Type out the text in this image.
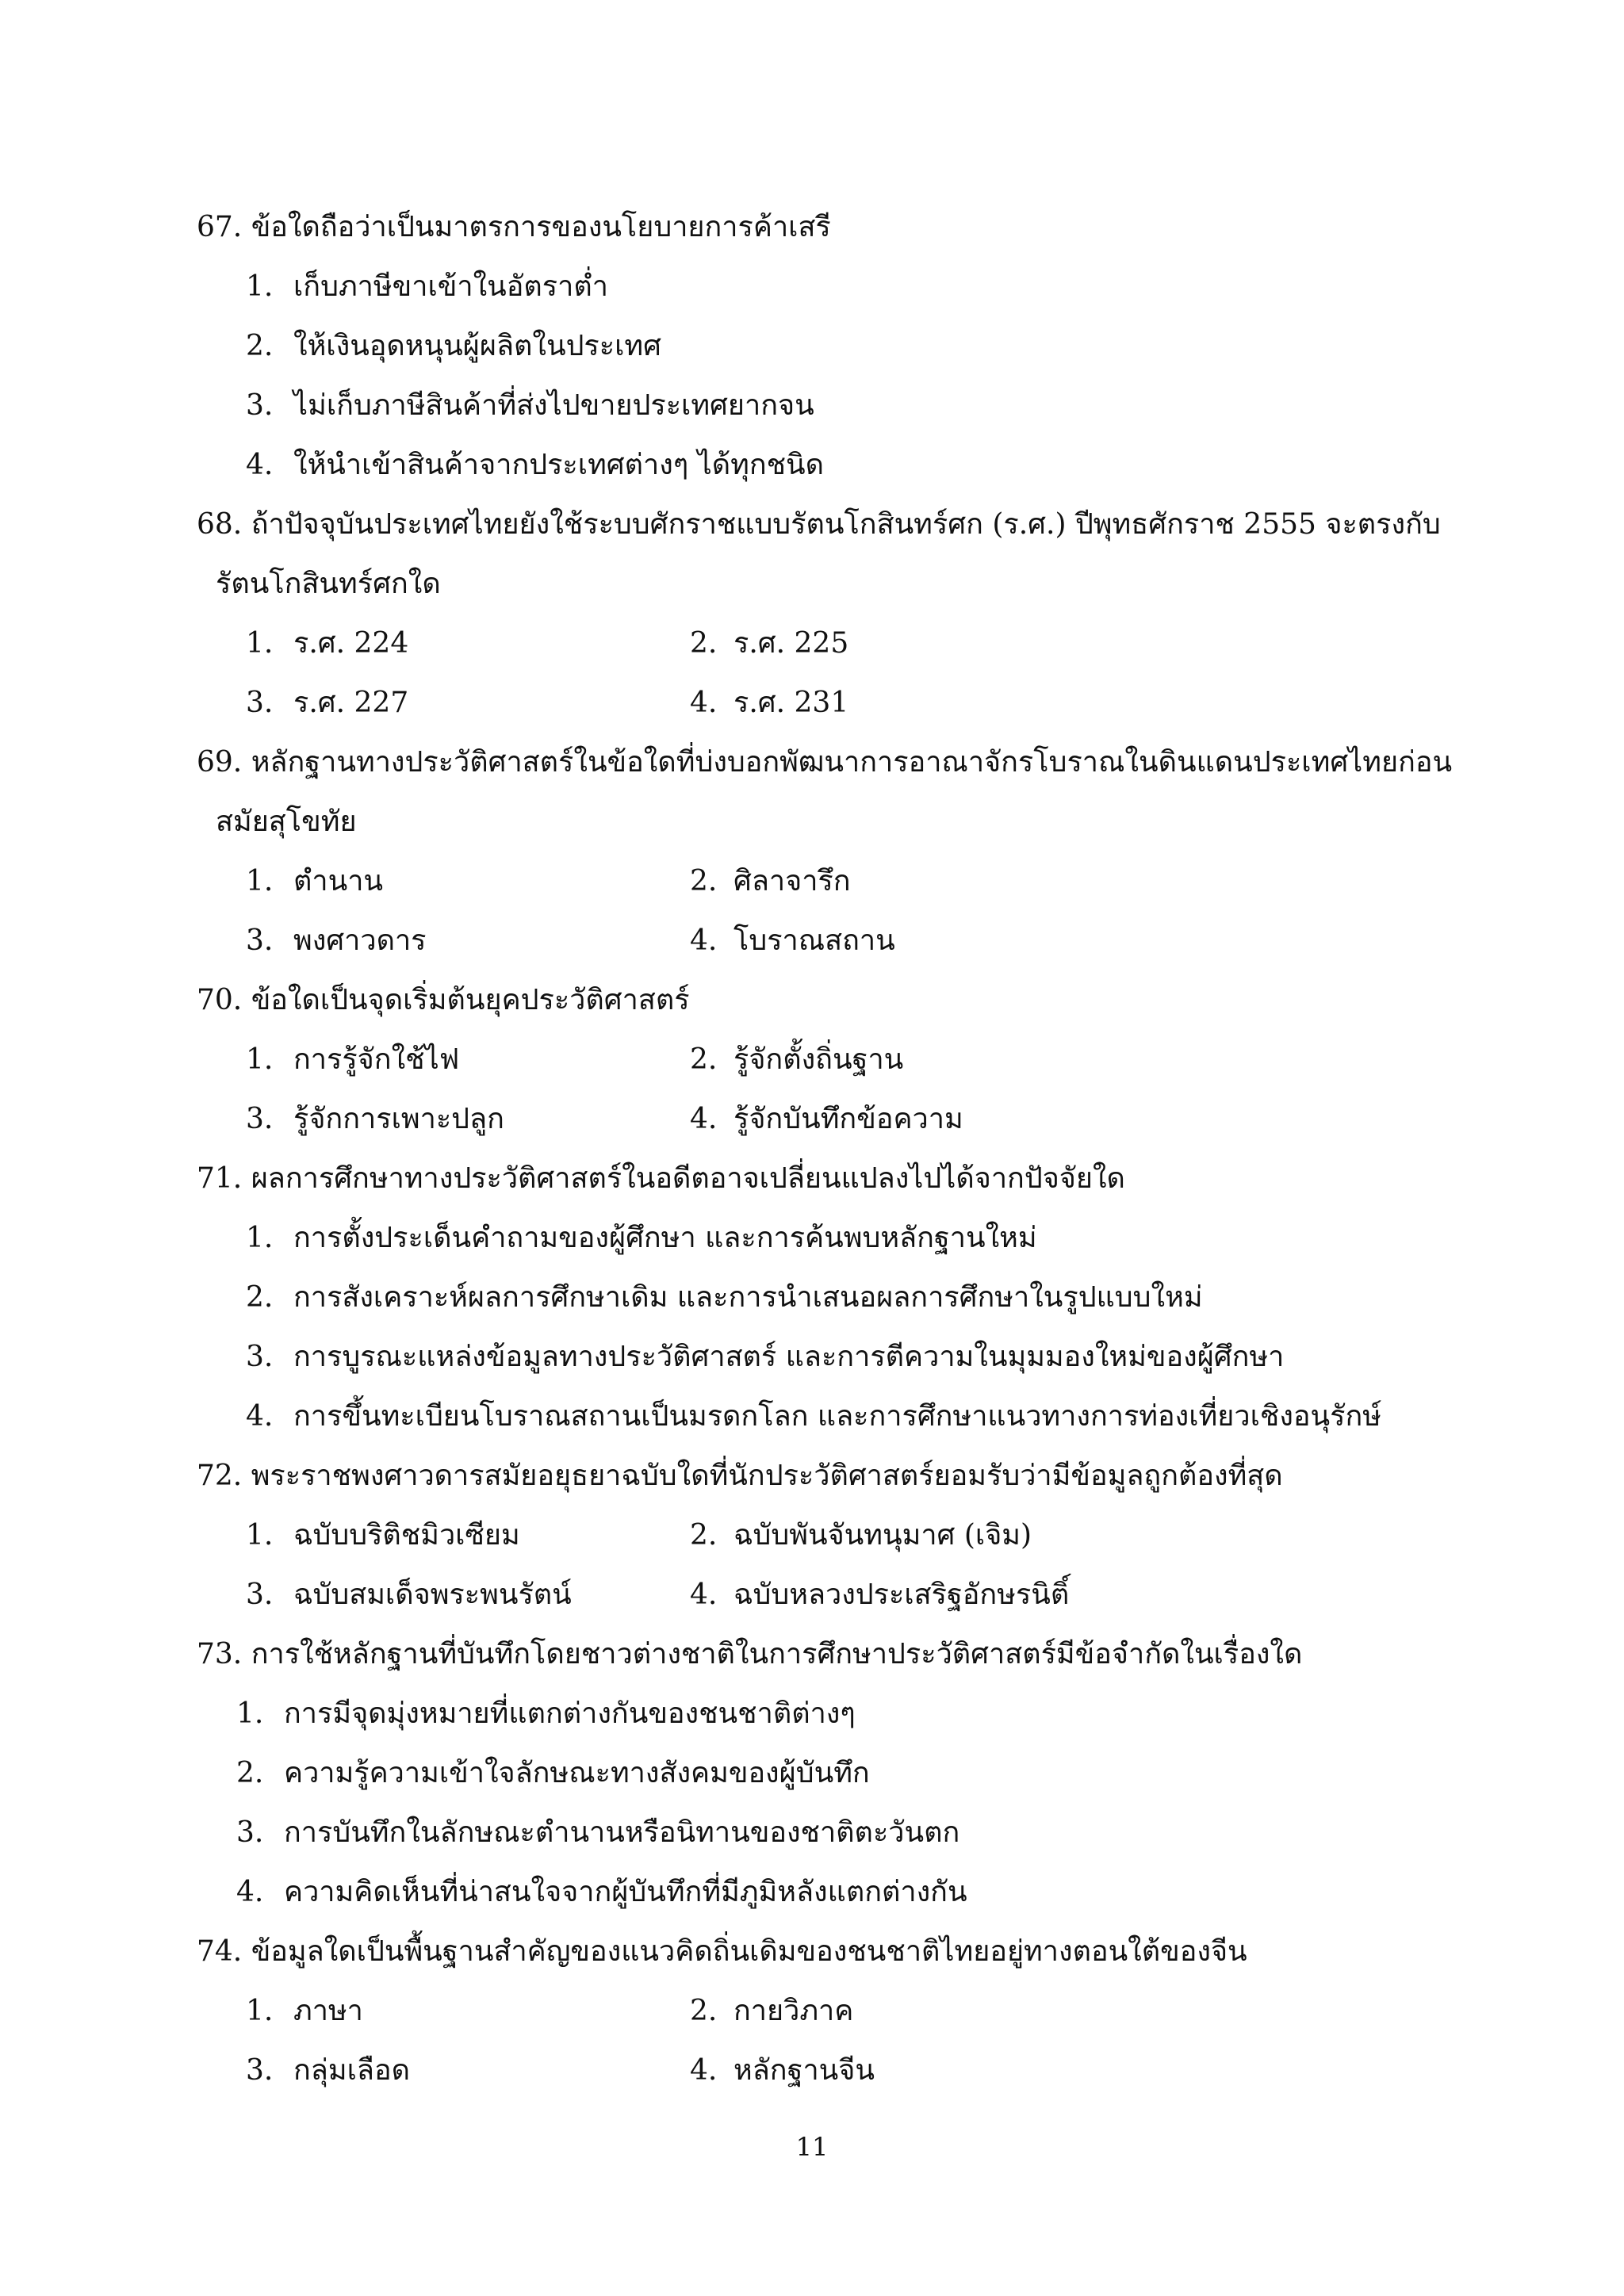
67. ข้อใดถือว่าเป็นมาตรการของนโยบายการค้าเสรี
1. เก็บภาษีขาเข้าในอัตราต่ำ
2. ให้เงินอุดหนุนผู้ผลิตในประเทศ
3. ไม่เก็บภาษีสินค้าที่ส่งไปขายประเทศยากจน
4. ให้นำเข้าสินค้าจากประเทศต่างๆ ได้ทุกชนิด
68. ถ้าปัจจุบันประเทศไทยยังใช้ระบบศักราชแบบรัตนโกสินทร์ศก (ร.ศ.) ปีพุทธศักราช 2555 จะตรงกับ
รัตนโกสินทร์ศกใด
1. ร.ศ. 224	2. ร.ศ. 225
3. ร.ศ. 227	4. ร.ศ. 231
69. หลักฐานทางประวัติศาสตร์ในข้อใดที่บ่งบอกพัฒนาการอาณาจักรโบราณในดินแดนประเทศไทยก่อน
สมัยสุโขทัย
1. ตำนาน	2. ศิลาจารึก
3. พงศาวดาร	4. โบราณสถาน
70. ข้อใดเป็นจุดเริ่มต้นยุคประวัติศาสตร์
1. การรู้จักใช้ไฟ	2. รู้จักตั้งถิ่นฐาน
3. รู้จักการเพาะปลูก	4. รู้จักบันทึกข้อความ
71. ผลการศึกษาทางประวัติศาสตร์ในอดีตอาจเปลี่ยนแปลงไปได้จากปัจจัยใด
1. การตั้งประเด็นคำถามของผู้ศึกษา และการค้นพบหลักฐานใหม่
2. การสังเคราะห์ผลการศึกษาเดิม และการนำเสนอผลการศึกษาในรูปแบบใหม่
3. การบูรณะแหล่งข้อมูลทางประวัติศาสตร์ และการตีความในมุมมองใหม่ของผู้ศึกษา
4. การขึ้นทะเบียนโบราณสถานเป็นมรดกโลก และการศึกษาแนวทางการท่องเที่ยวเชิงอนุรักษ์
72. พระราชพงศาวดารสมัยอยุธยาฉบับใดที่นักประวัติศาสตร์ยอมรับว่ามีข้อมูลถูกต้องที่สุด
1. ฉบับบริติชมิวเซียม	2. ฉบับพันจันทนุมาศ (เจิม)
3. ฉบับสมเด็จพระพนรัตน์	4. ฉบับหลวงประเสริฐอักษรนิติ์
73. การใช้หลักฐานที่บันทึกโดยชาวต่างชาติในการศึกษาประวัติศาสตร์มีข้อจำกัดในเรื่องใด
1. การมีจุดมุ่งหมายที่แตกต่างกันของชนชาติต่างๆ
2. ความรู้ความเข้าใจลักษณะทางสังคมของผู้บันทึก
3. การบันทึกในลักษณะตำนานหรือนิทานของชาติตะวันตก
4. ความคิดเห็นที่น่าสนใจจากผู้บันทึกที่มีภูมิหลังแตกต่างกัน
74. ข้อมูลใดเป็นพื้นฐานสำคัญของแนวคิดถิ่นเดิมของชนชาติไทยอยู่ทางตอนใต้ของจีน
1. ภาษา	2. กายวิภาค
3. กลุ่มเลือด	4. หลักฐานจีน
11
